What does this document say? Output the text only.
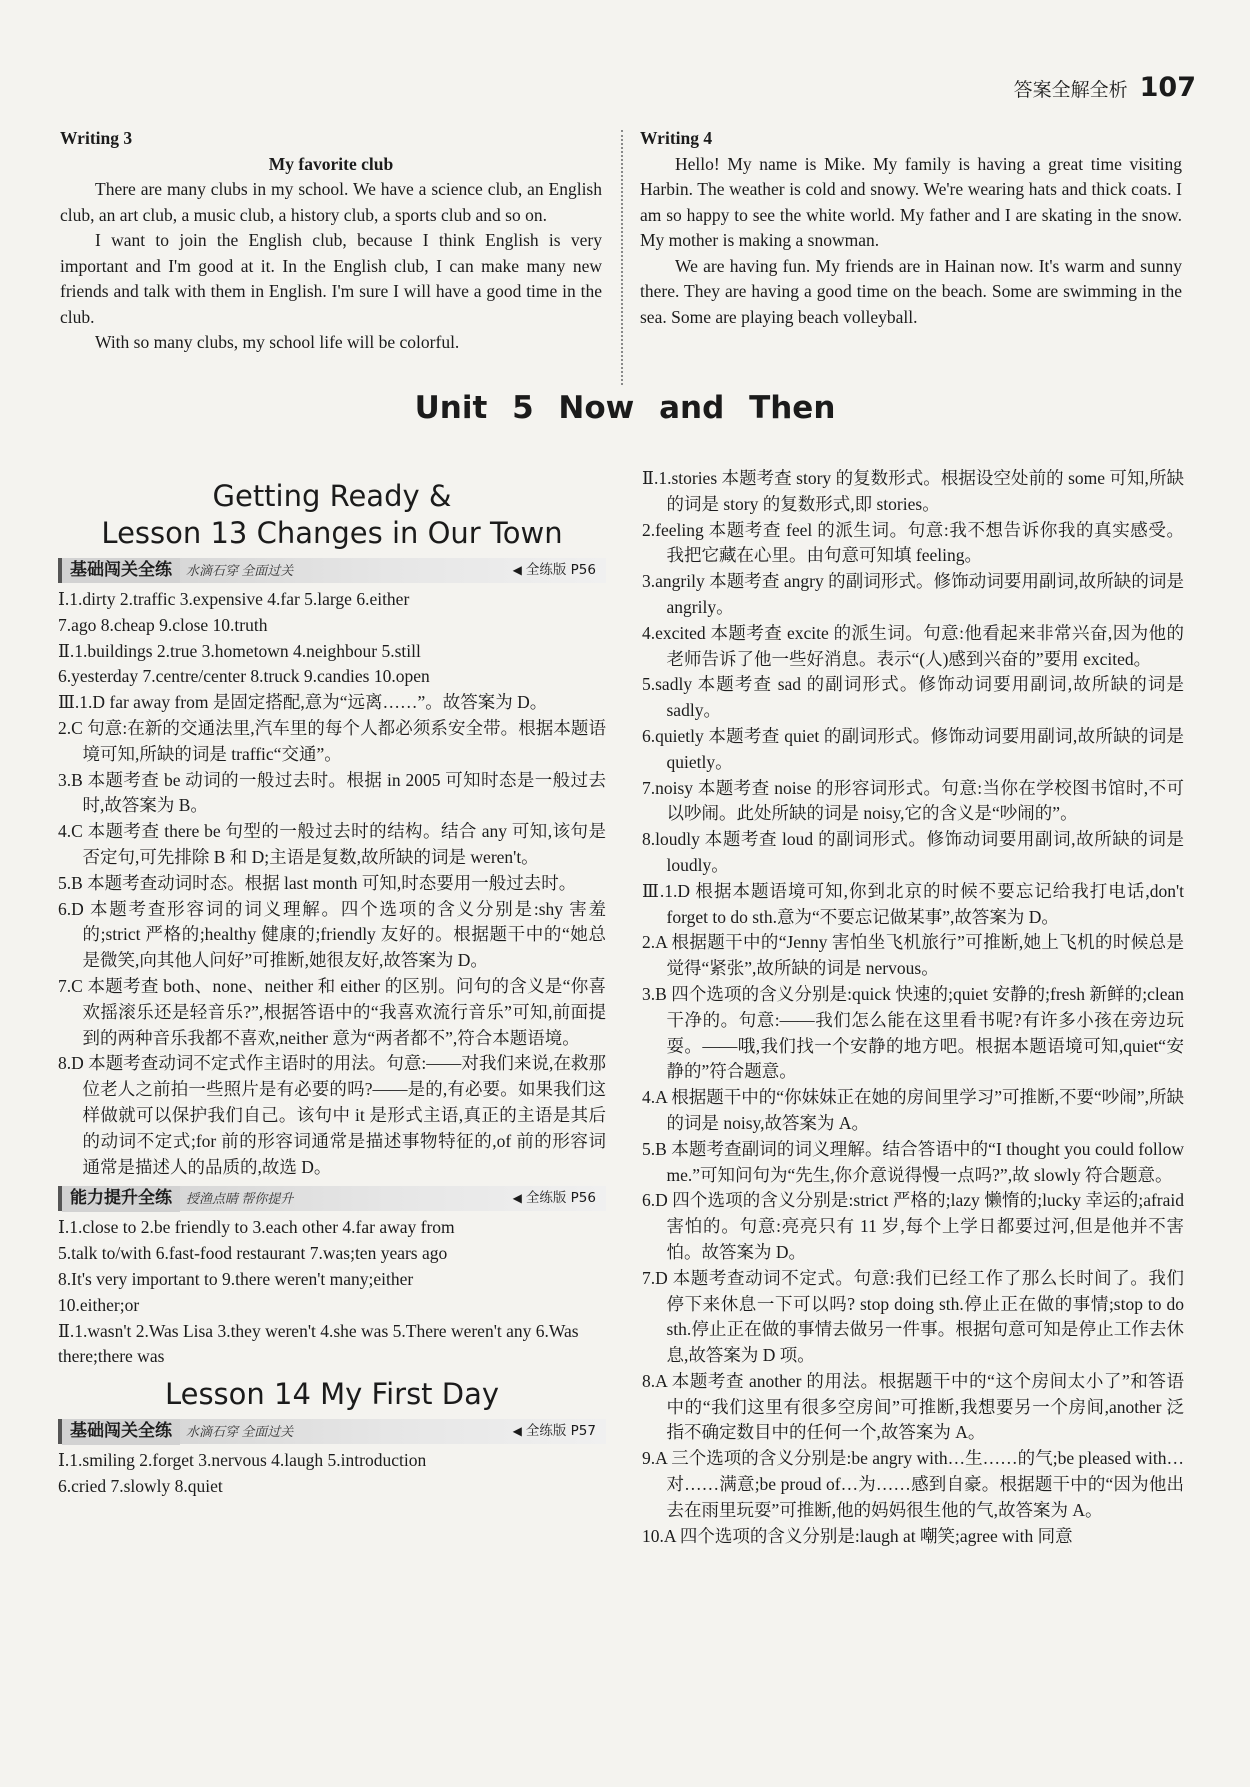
答案全解全析 107

Writing 3

My favorite club

There are many clubs in my school. We have a science club, an English club, an art club, a music club, a history club, a sports club and so on.

I want to join the English club, because I think English is very important and I'm good at it. In the English club, I can make many new friends and talk with them in English. I'm sure I will have a good time in the club.

With so many clubs, my school life will be colorful.

Writing 4

Hello! My name is Mike. My family is having a great time visiting Harbin. The weather is cold and snowy. We're wearing hats and thick coats. I am so happy to see the white world. My father and I are skating in the snow. My mother is making a snowman.

We are having fun. My friends are in Hainan now. It's warm and sunny there. They are having a good time on the beach. Some are swimming in the sea. Some are playing beach volleyball.

Unit 5 Now and Then

Getting Ready &

Lesson 13 Changes in Our Town

基础闯关全练	水滴石穿 全面过关	◀ 全练版 P56

Ⅰ.1.dirty 2.traffic 3.expensive 4.far 5.large 6.either

7.ago 8.cheap 9.close 10.truth

Ⅱ.1.buildings 2.true 3.hometown 4.neighbour 5.still

6.yesterday 7.centre/center 8.truck 9.candies 10.open

Ⅲ.1.D far away from 是固定搭配,意为“远离……”。故答案为 D。

2.C 句意:在新的交通法里,汽车里的每个人都必须系安全带。根据本题语境可知,所缺的词是 traffic“交通”。

3.B 本题考查 be 动词的一般过去时。根据 in 2005 可知时态是一般过去时,故答案为 B。

4.C 本题考查 there be 句型的一般过去时的结构。结合 any 可知,该句是否定句,可先排除 B 和 D;主语是复数,故所缺的词是 weren't。

5.B 本题考查动词时态。根据 last month 可知,时态要用一般过去时。

6.D 本题考查形容词的词义理解。四个选项的含义分别是:shy 害羞的;strict 严格的;healthy 健康的;friendly 友好的。根据题干中的“她总是微笑,向其他人问好”可推断,她很友好,故答案为 D。

7.C 本题考查 both、none、neither 和 either 的区别。问句的含义是“你喜欢摇滚乐还是轻音乐?”,根据答语中的“我喜欢流行音乐”可知,前面提到的两种音乐我都不喜欢,neither 意为“两者都不”,符合本题语境。

8.D 本题考查动词不定式作主语时的用法。句意:——对我们来说,在救那位老人之前拍一些照片是有必要的吗?——是的,有必要。如果我们这样做就可以保护我们自己。该句中 it 是形式主语,真正的主语是其后的动词不定式;for 前的形容词通常是描述事物特征的,of 前的形容词通常是描述人的品质的,故选 D。

能力提升全练	授渔点睛 帮你提升	◀ 全练版 P56

Ⅰ.1.close to 2.be friendly to 3.each other 4.far away from

5.talk to/with 6.fast-food restaurant 7.was;ten years ago

8.It's very important to 9.there weren't many;either

10.either;or

Ⅱ.1.wasn't 2.Was Lisa 3.they weren't 4.she was 5.There weren't any 6.Was there;there was

Lesson 14 My First Day

基础闯关全练	水滴石穿 全面过关	◀ 全练版 P57

Ⅰ.1.smiling 2.forget 3.nervous 4.laugh 5.introduction

6.cried 7.slowly 8.quiet

Ⅱ.1.stories 本题考查 story 的复数形式。根据设空处前的 some 可知,所缺的词是 story 的复数形式,即 stories。

2.feeling 本题考查 feel 的派生词。句意:我不想告诉你我的真实感受。我把它藏在心里。由句意可知填 feeling。

3.angrily 本题考查 angry 的副词形式。修饰动词要用副词,故所缺的词是 angrily。

4.excited 本题考查 excite 的派生词。句意:他看起来非常兴奋,因为他的老师告诉了他一些好消息。表示“(人)感到兴奋的”要用 excited。

5.sadly 本题考查 sad 的副词形式。修饰动词要用副词,故所缺的词是 sadly。

6.quietly 本题考查 quiet 的副词形式。修饰动词要用副词,故所缺的词是 quietly。

7.noisy 本题考查 noise 的形容词形式。句意:当你在学校图书馆时,不可以吵闹。此处所缺的词是 noisy,它的含义是“吵闹的”。

8.loudly 本题考查 loud 的副词形式。修饰动词要用副词,故所缺的词是 loudly。

Ⅲ.1.D 根据本题语境可知,你到北京的时候不要忘记给我打电话,don't forget to do sth.意为“不要忘记做某事”,故答案为 D。

2.A 根据题干中的“Jenny 害怕坐飞机旅行”可推断,她上飞机的时候总是觉得“紧张”,故所缺的词是 nervous。

3.B 四个选项的含义分别是:quick 快速的;quiet 安静的;fresh 新鲜的;clean 干净的。句意:——我们怎么能在这里看书呢?有许多小孩在旁边玩耍。——哦,我们找一个安静的地方吧。根据本题语境可知,quiet“安静的”符合题意。

4.A 根据题干中的“你妹妹正在她的房间里学习”可推断,不要“吵闹”,所缺的词是 noisy,故答案为 A。

5.B 本题考查副词的词义理解。结合答语中的“I thought you could follow me.”可知问句为“先生,你介意说得慢一点吗?”,故 slowly 符合题意。

6.D 四个选项的含义分别是:strict 严格的;lazy 懒惰的;lucky 幸运的;afraid 害怕的。句意:亮亮只有 11 岁,每个上学日都要过河,但是他并不害怕。故答案为 D。

7.D 本题考查动词不定式。句意:我们已经工作了那么长时间了。我们停下来休息一下可以吗? stop doing sth.停止正在做的事情;stop to do sth.停止正在做的事情去做另一件事。根据句意可知是停止工作去休息,故答案为 D 项。

8.A 本题考查 another 的用法。根据题干中的“这个房间太小了”和答语中的“我们这里有很多空房间”可推断,我想要另一个房间,another 泛指不确定数目中的任何一个,故答案为 A。

9.A 三个选项的含义分别是:be angry with…生……的气;be pleased with…对……满意;be proud of…为……感到自豪。根据题干中的“因为他出去在雨里玩耍”可推断,他的妈妈很生他的气,故答案为 A。

10.A 四个选项的含义分别是:laugh at 嘲笑;agree with 同意
